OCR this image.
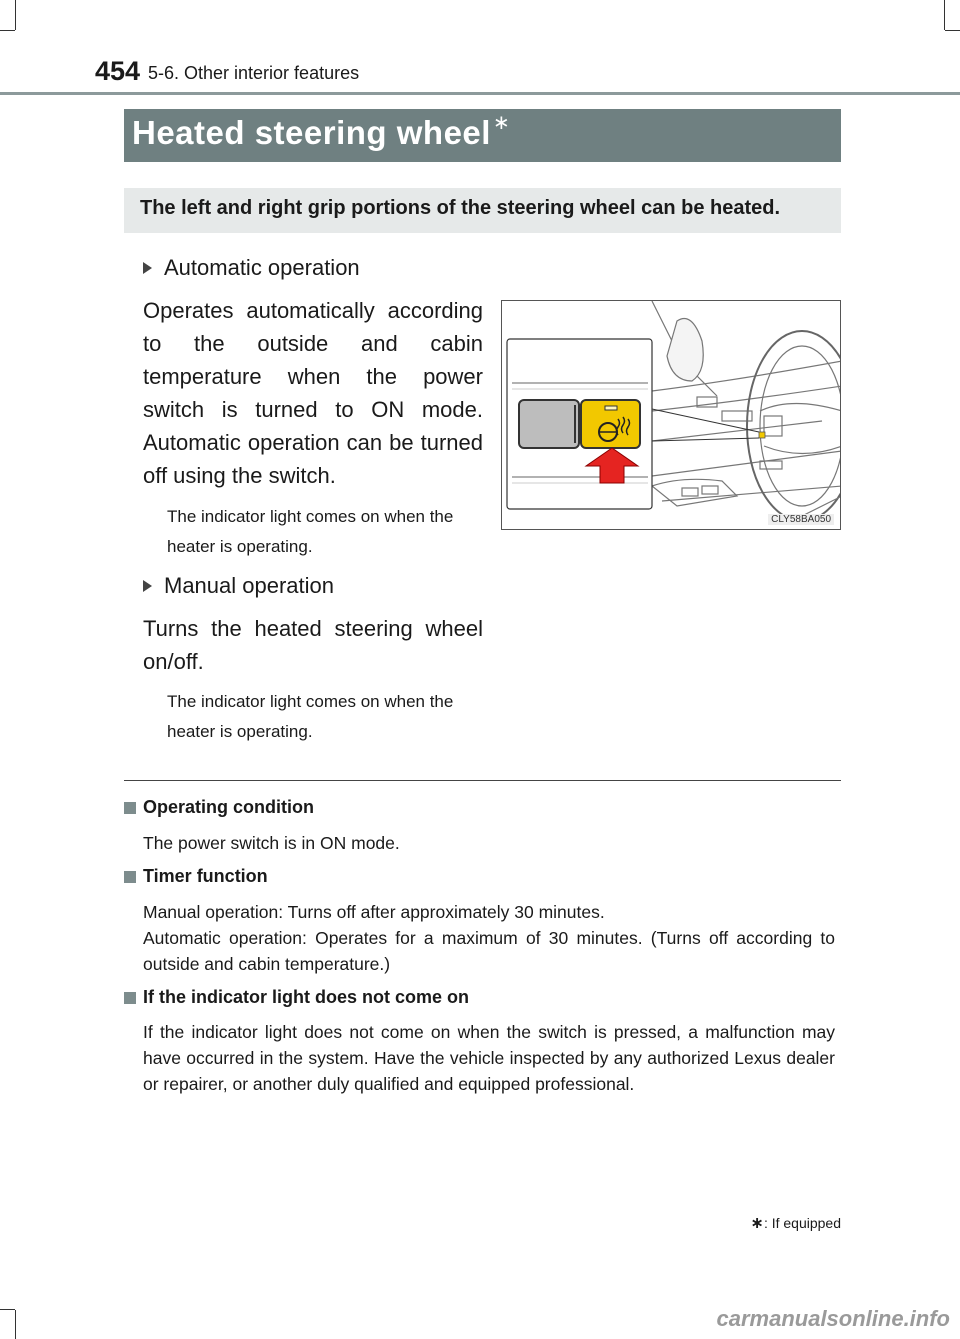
454 5-6. Other interior features
Heated steering wheel ∗
The left and right grip portions of the steering wheel can be heated.
Automatic operation
Operates automatically according to the outside and cabin temperature when the power switch is turned to ON mode. Automatic operation can be turned off using the switch.
The indicator light comes on when the heater is operating.
Manual operation
Turns the heated steering wheel on/off.
The indicator light comes on when the heater is operating.
CLY58BA050
Operating condition
The power switch is in ON mode.
Timer function
Manual operation: Turns off after approximately 30 minutes.
Automatic operation: Operates for a maximum of 30 minutes. (Turns off according to outside and cabin temperature.)
If the indicator light does not come on
If the indicator light does not come on when the switch is pressed, a malfunction may have occurred in the system. Have the vehicle inspected by any authorized Lexus dealer or repairer, or another duly qualified and equipped professional.
∗: If equipped
carmanualsonline.info
